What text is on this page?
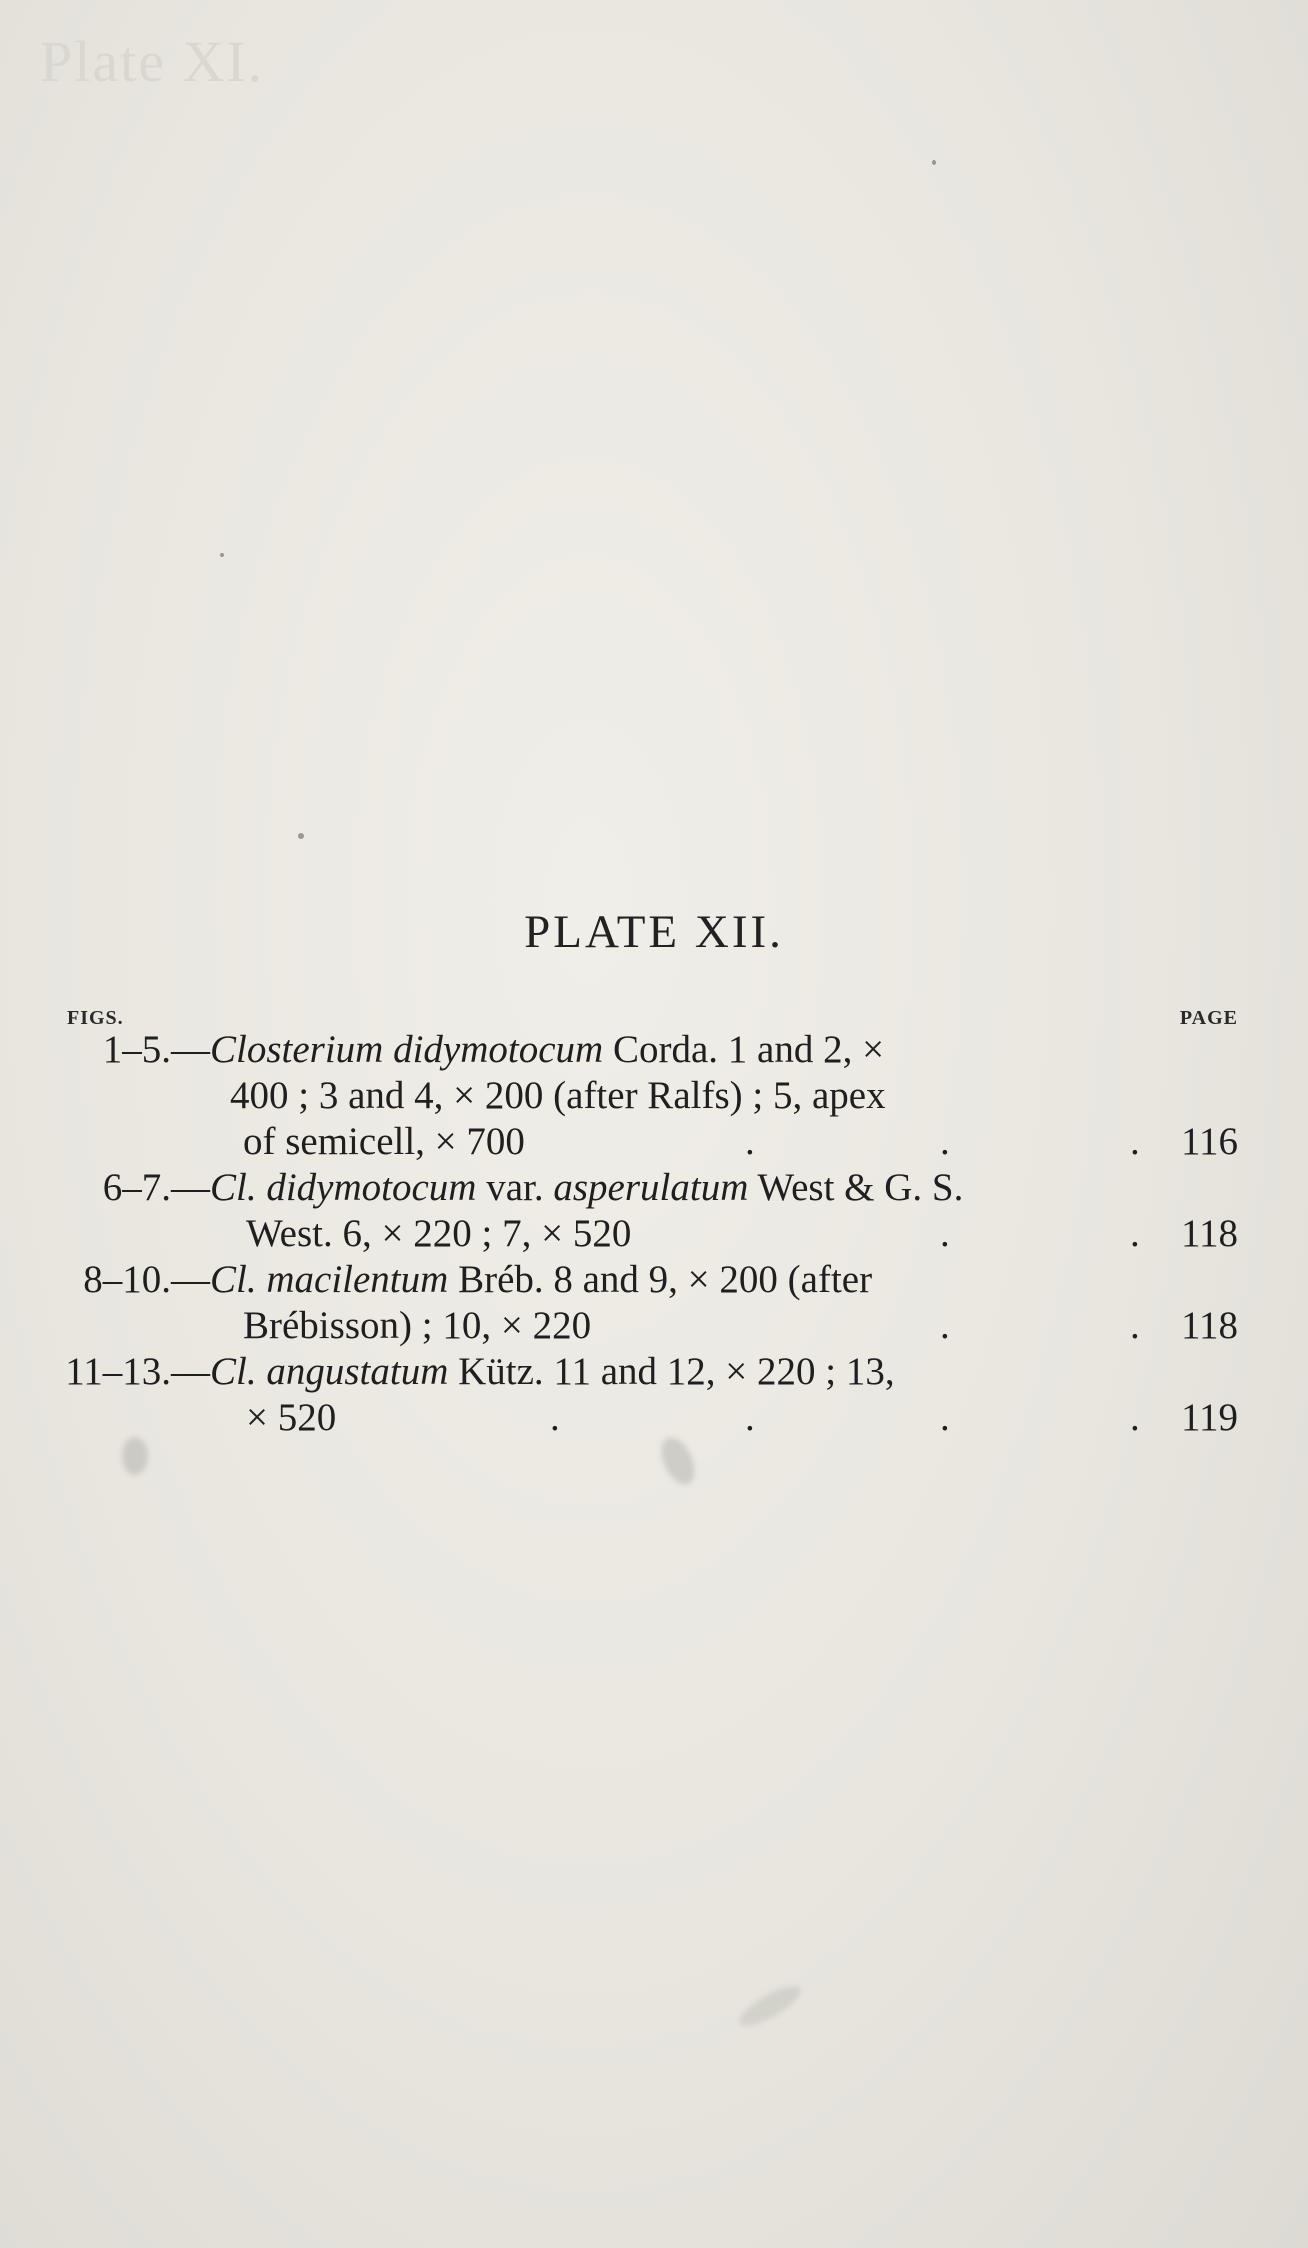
Plate XI.
PLATE XII.
FIGS.	PAGE
1–5.— Closterium didymotocum Corda. 1 and 2, ×
400 ; 3 and 4, × 200 (after Ralfs) ; 5, apex
of semicell, × 700	.	.	. 116
6–7.— Cl. didymotocum var. asperulatum West & G. S.
West. 6, × 220 ; 7, × 520	.	. 118
8–10.— Cl. macilentum Bréb. 8 and 9, × 200 (after
Brébisson) ; 10, × 220	.	. 118
11–13.— Cl. angustatum Kütz. 11 and 12, × 220 ; 13,
× 520	.	.	.	. 119
